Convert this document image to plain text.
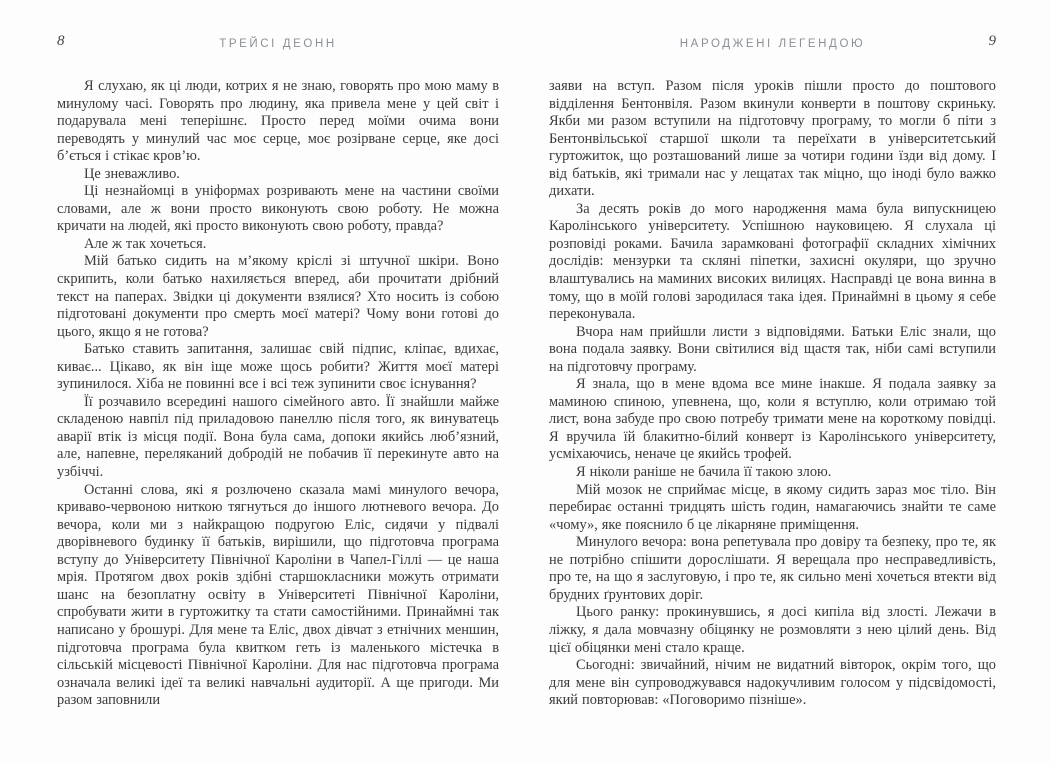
8	ТРЕЙСІ ДЕОНН

Я слухаю, як ці люди, котрих я не знаю, говорять про мою маму в минулому часі. Говорять про людину, яка привела мене у цей світ і подарувала мені теперішнє. Просто перед моїми очима вони переводять у минулий час моє серце, моє розірване серце, яке досі б’ється і стікає кров’ю.

Це зневажливо.

Ці незнайомці в уніформах розривають мене на частини своїми словами, але ж вони просто виконують свою роботу. Не можна кричати на людей, які просто виконують свою роботу, правда?

Але ж так хочеться.

Мій батько сидить на м’якому кріслі зі штучної шкіри. Воно скрипить, коли батько нахиляється вперед, аби прочитати дрібний текст на паперах. Звідки ці документи взялися? Хто носить із собою підготовані документи про смерть моєї матері? Чому вони готові до цього, якщо я не готова?

Батько ставить запитання, залишає свій підпис, кліпає, вдихає, киває... Цікаво, як він іще може щось робити? Життя моєї матері зупинилося. Хіба не повинні все і всі теж зупинити своє існування?

Її розчавило всередині нашого сімейного авто. Її знайшли майже складеною навпіл під приладовою панеллю після того, як винуватець аварії втік із місця події. Вона була сама, допоки якийсь люб’язний, але, напевне, переляканий добродій не побачив її перекинуте авто на узбіччі.

Останні слова, які я розлючено сказала мамі минулого вечора, криваво-червоною ниткою тягнуться до іншого лютневого вечора. До вечора, коли ми з найкращою подругою Еліс, сидячи у підвалі дворівневого будинку її батьків, вирішили, що підготовча програма вступу до Університету Північної Кароліни в Чапел-Гіллі — це наша мрія. Протягом двох років здібні старшокласники можуть отримати шанс на безоплатну освіту в Університеті Північної Кароліни, спробувати жити в гуртожитку та стати самостійними. Принаймні так написано у брошурі. Для мене та Еліс, двох дівчат з етнічних меншин, підготовча програма була квитком геть із маленького містечка в сільській місцевості Північної Кароліни. Для нас підготовча програма означала великі ідеї та великі навчальні аудиторії. А ще пригоди. Ми разом заповнили

НАРОДЖЕНІ ЛЕГЕНДОЮ	9

заяви на вступ. Разом після уроків пішли просто до поштового відділення Бентонвіля. Разом вкинули конверти в поштову скриньку. Якби ми разом вступили на підготовчу програму, то могли б піти з Бентонвільської старшої школи та переїхати в університетський гуртожиток, що розташований лише за чотири години їзди від дому. І від батьків, які тримали нас у лещатах так міцно, що іноді було важко дихати.

За десять років до мого народження мама була випускницею Каролінського університету. Успішною науковицею. Я слухала ці розповіді роками. Бачила зарамковані фотографії складних хімічних дослідів: мензурки та скляні піпетки, захисні окуляри, що зручно влаштувались на маминих високих вилицях. Насправді це вона винна в тому, що в моїй голові зародилася така ідея. Принаймні в цьому я себе переконувала.

Вчора нам прийшли листи з відповідями. Батьки Еліс знали, що вона подала заявку. Вони світилися від щастя так, ніби самі вступили на підготовчу програму.

Я знала, що в мене вдома все мине інакше. Я подала заявку за маминою спиною, упевнена, що, коли я вступлю, коли отримаю той лист, вона забуде про свою потребу тримати мене на короткому повідці. Я вручила їй блакитно-білий конверт із Каролінського університету, усміхаючись, неначе це якийсь трофей.

Я ніколи раніше не бачила її такою злою.

Мій мозок не сприймає місце, в якому сидить зараз моє тіло. Він перебирає останні тридцять шість годин, намагаючись знайти те саме «чому», яке пояснило б це лікарняне приміщення.

Минулого вечора: вона репетувала про довіру та безпеку, про те, як не потрібно спішити дорослішати. Я верещала про несправедливість, про те, на що я заслуговую, і про те, як сильно мені хочеться втекти від брудних ґрунтових доріг.

Цього ранку: прокинувшись, я досі кипіла від злості. Лежачи в ліжку, я дала мовчазну обіцянку не розмовляти з нею цілий день. Від цієї обіцянки мені стало краще.

Сьогодні: звичайний, нічим не видатний вівторок, окрім того, що для мене він супроводжувався надокучливим голосом у підсвідомості, який повторював: «Поговоримо пізніше».
